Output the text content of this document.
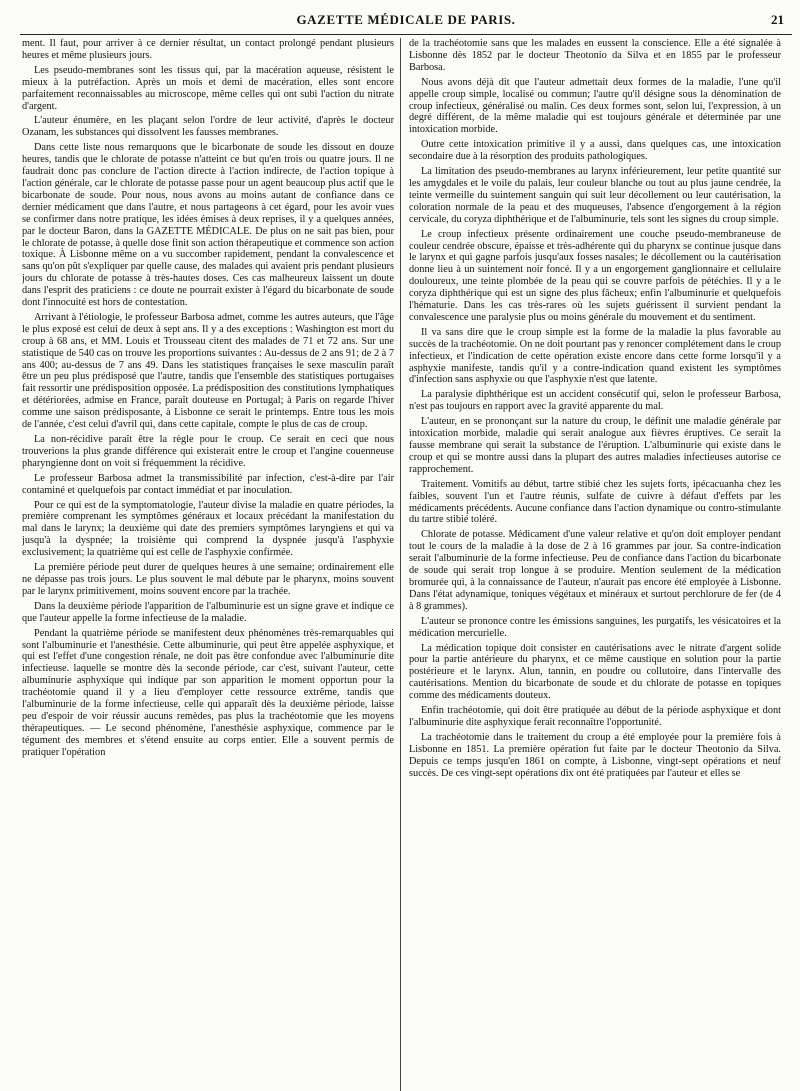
GAZETTE MÉDICALE DE PARIS.	21

ment. Il faut, pour arriver à ce dernier résultat, un contact prolongé pendant plusieurs heures et même plusieurs jours.

Les pseudo-membranes sont les tissus qui, par la macération aqueuse, résistent le mieux à la putréfaction. Après un mois et demi de macération, elles sont encore parfaitement reconnaissables au microscope, même celles qui ont subi l'action du nitrate d'argent.

L'auteur énumère, en les plaçant selon l'ordre de leur activité, d'après le docteur Ozanam, les substances qui dissolvent les fausses membranes.

Dans cette liste nous remarquons que le bicarbonate de soude les dissout en douze heures, tandis que le chlorate de potasse n'atteint ce but qu'en trois ou quatre jours. Il ne faudrait donc pas conclure de l'action directe à l'action indirecte, de l'action topique à l'action générale, car le chlorate de potasse passe pour un agent beaucoup plus actif que le bicarbonate de soude. Pour nous, nous avons au moins autant de confiance dans ce dernier médicament que dans l'autre, et nous partageons à cet égard, pour les avoir vues se confirmer dans notre pratique, les idées émises à deux reprises, il y a quelques années, par le docteur Baron, dans la GAZETTE MÉDICALE. De plus on ne sait pas bien, pour le chlorate de potasse, à quelle dose finit son action thérapeutique et commence son action toxique. À Lisbonne même on a vu succomber rapidement, pendant la convalescence et sans qu'on pût s'expliquer par quelle cause, des malades qui avaient pris pendant plusieurs jours du chlorate de potasse à très-hautes doses. Ces cas malheureux laissent un doute dans l'esprit des praticiens : ce doute ne pourrait exister à l'égard du bicarbonate de soude dont l'innocuité est hors de contestation.

Arrivant à l'étiologie, le professeur Barbosa admet, comme les autres auteurs, que l'âge le plus exposé est celui de deux à sept ans. Il y a des exceptions : Washington est mort du croup à 68 ans, et MM. Louis et Trousseau citent des malades de 71 et 72 ans. Sur une statistique de 540 cas on trouve les proportions suivantes : Au-dessus de 2 ans 91; de 2 à 7 ans 400; au-dessus de 7 ans 49. Dans les statistiques françaises le sexe masculin paraît être un peu plus prédisposé que l'autre, tandis que l'ensemble des statistiques portugaises fait ressortir une prédisposition opposée. La prédisposition des constitutions lymphatiques et détériorées, admise en France, paraît douteuse en Portugal; à Paris on regarde l'hiver comme une saison prédisposante, à Lisbonne ce serait le printemps. Entre tous les mois de l'année, c'est celui d'avril qui, dans cette capitale, compte le plus de cas de croup.

La non-récidive paraît être la règle pour le croup. Ce serait en ceci que nous trouverions la plus grande différence qui existerait entre le croup et l'angine couenneuse pharyngienne dont on voit si fréquemment la récidive.

Le professeur Barbosa admet la transmissibilité par infection, c'est-à-dire par l'air contaminé et quelquefois par contact immédiat et par inoculation.

Pour ce qui est de la symptomatologie, l'auteur divise la maladie en quatre périodes, la première comprenant les symptômes généraux et locaux précédant la manifestation du mal dans le larynx; la deuxième qui date des premiers symptômes laryngiens et qui va jusqu'à la dyspnée; la troisième qui comprend la dyspnée jusqu'à l'asphyxie exclusivement; la quatrième qui est celle de l'asphyxie confirmée.

La première période peut durer de quelques heures à une semaine; ordinairement elle ne dépasse pas trois jours. Le plus souvent le mal débute par le pharynx, moins souvent par le larynx primitivement, moins souvent encore par la trachée.

Dans la deuxième période l'apparition de l'albuminurie est un signe grave et indique ce que l'auteur appelle la forme infectieuse de la maladie.

Pendant la quatrième période se manifestent deux phénomènes très-remarquables qui sont l'albuminurie et l'anesthésie. Cette albuminurie, qui peut être appelée asphyxique, et qui est l'effet d'une congestion rénale, ne doit pas être confondue avec l'albuminurie dite infectieuse. laquelle se montre dès la seconde période, car c'est, suivant l'auteur, cette albuminurie asphyxique qui indique par son apparition le moment opportun pour la trachéotomie quand il y a lieu d'employer cette ressource extrême, tandis que l'albuminurie de la forme infectieuse, celle qui apparaît dès la deuxième période, laisse peu d'espoir de voir réussir aucuns remèdes, pas plus la trachéotomie que les moyens thérapeutiques. — Le second phénomène, l'anesthésie asphyxique, commence par le tégument des membres et s'étend ensuite au corps entier. Elle a souvent permis de pratiquer l'opération

de la trachéotomie sans que les malades en eussent la conscience. Elle a été signalée à Lisbonne dès 1852 par le docteur Theotonio da Silva et en 1855 par le professeur Barbosa.

Nous avons déjà dit que l'auteur admettait deux formes de la maladie, l'une qu'il appelle croup simple, localisé ou commun; l'autre qu'il désigne sous la dénomination de croup infectieux, généralisé ou malin. Ces deux formes sont, selon lui, l'expression, à un degré différent, de la même maladie qui est toujours générale et déterminée par une intoxication morbide.

Outre cette intoxication primitive il y a aussi, dans quelques cas, une intoxication secondaire due à la résorption des produits pathologiques.

La limitation des pseudo-membranes au larynx inférieurement, leur petite quantité sur les amygdales et le voile du palais, leur couleur blanche ou tout au plus jaune cendrée, la teinte vermeille du suintement sanguin qui suit leur décollement ou leur cautérisation, la coloration normale de la peau et des muqueuses, l'absence d'engorgement à la région cervicale, du coryza diphthérique et de l'albuminurie, tels sont les signes du croup simple.

Le croup infectieux présente ordinairement une couche pseudo-membraneuse de couleur cendrée obscure, épaisse et très-adhérente qui du pharynx se continue jusque dans le larynx et qui gagne parfois jusqu'aux fosses nasales; le décollement ou la cautérisation donne lieu à un suintement noir foncé. Il y a un engorgement ganglionnaire et cellulaire douloureux, une teinte plombée de la peau qui se couvre parfois de pétéchies. Il y a le coryza diphthérique qui est un signe des plus fâcheux; enfin l'albuminurie et quelquefois l'hématurie. Dans les cas très-rares où les sujets guérissent il survient pendant la convalescence une paralysie plus ou moins générale du mouvement et du sentiment.

Il va sans dire que le croup simple est la forme de la maladie la plus favorable au succès de la trachéotomie. On ne doit pourtant pas y renoncer complétement dans le croup infectieux, et l'indication de cette opération existe encore dans cette forme lorsqu'il y a asphyxie manifeste, tandis qu'il y a contre-indication quand existent les symptômes d'infection sans asphyxie ou que l'asphyxie n'est que latente.

La paralysie diphthérique est un accident consécutif qui, selon le professeur Barbosa, n'est pas toujours en rapport avec la gravité apparente du mal.

L'auteur, en se prononçant sur la nature du croup, le définit une maladie générale par intoxication morbide, maladie qui serait analogue aux fièvres éruptives. Ce serait la fausse membrane qui serait la substance de l'éruption. L'albuminurie qui existe dans le croup et qui se montre aussi dans la plupart des autres maladies infectieuses autorise ce rapprochement.

Traitement. Vomitifs au début, tartre stibié chez les sujets forts, ipécacuanha chez les faibles, souvent l'un et l'autre réunis, sulfate de cuivre à défaut d'effets par les médicaments précédents. Aucune confiance dans l'action dynamique ou contro-stimulante du tartre stibié toléré.

Chlorate de potasse. Médicament d'une valeur relative et qu'on doit employer pendant tout le cours de la maladie à la dose de 2 à 16 grammes par jour. Sa contre-indication serait l'albuminurie de la forme infectieuse. Peu de confiance dans l'action du bicarbonate de soude qui serait trop longue à se produire. Mention seulement de la médication bromurée qui, à la connaissance de l'auteur, n'aurait pas encore été employée à Lisbonne. Dans l'état adynamique, toniques végétaux et minéraux et surtout perchlorure de fer (de 4 à 8 grammes).

L'auteur se prononce contre les émissions sanguines, les purgatifs, les vésicatoires et la médication mercurielle.

La médication topique doit consister en cautérisations avec le nitrate d'argent solide pour la partie antérieure du pharynx, et ce même caustique en solution pour la partie postérieure et le larynx. Alun, tannin, en poudre ou collutoire, dans l'intervalle des cautérisations. Mention du bicarbonate de soude et du chlorate de potasse en topiques comme des médicaments douteux.

Enfin trachéotomie, qui doit être pratiquée au début de la période asphyxique et dont l'albuminurie dite asphyxique ferait reconnaître l'opportunité.

La trachéotomie dans le traitement du croup a été employée pour la première fois à Lisbonne en 1851. La première opération fut faite par le docteur Theotonio da Silva. Depuis ce temps jusqu'en 1861 on compte, à Lisbonne, vingt-sept opérations et neuf succès. De ces vingt-sept opérations dix ont été pratiquées par l'auteur et elles se
